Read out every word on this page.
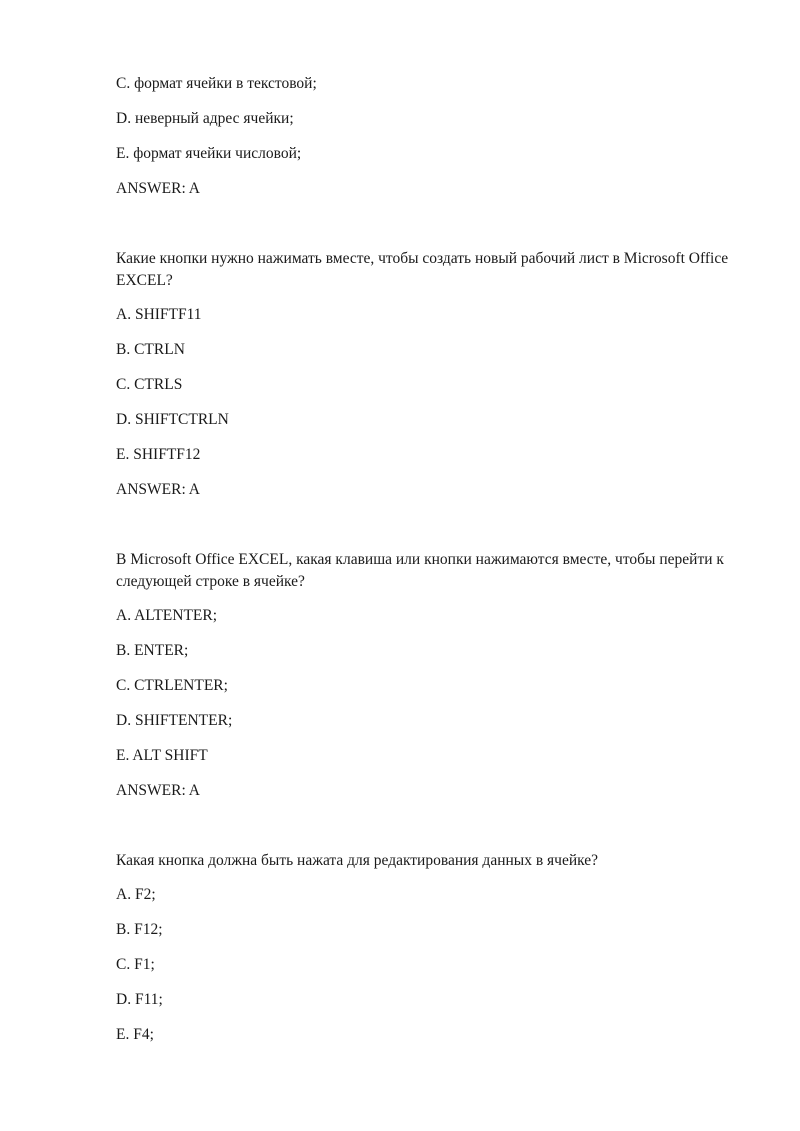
C. формат ячейки в текстовой;
D. неверный адрес ячейки;
E. формат ячейки числовой;
ANSWER: A
Какие кнопки нужно нажимать вместе, чтобы создать новый рабочий лист в Microsoft Office EXCEL?
A. SHIFTF11
B. CTRLN
C. CTRLS
D. SHIFTCTRLN
E. SHIFTF12
ANSWER: A
В Microsoft Office EXCEL, какая клавиша или кнопки нажимаются вместе, чтобы перейти к следующей строке в ячейке?
A. ALTENTER;
B. ENTER;
C. CTRLENTER;
D. SHIFTENTER;
E. ALT SHIFT
ANSWER: A
Какая кнопка должна быть нажата для редактирования данных в ячейке?
A. F2;
B. F12;
C. F1;
D. F11;
E. F4;
